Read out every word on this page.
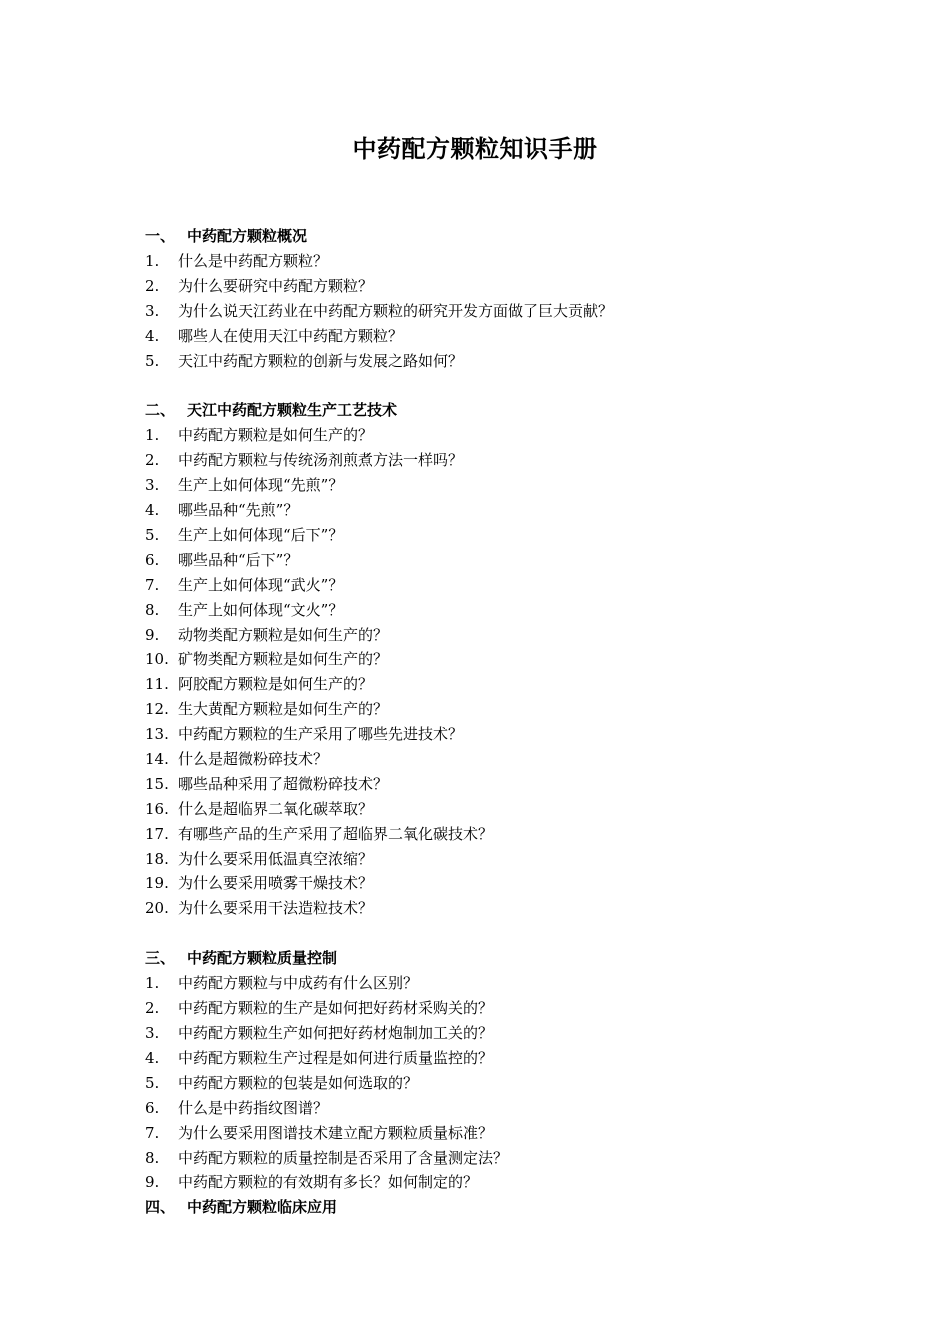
中药配方颗粒知识手册
一、 中药配方颗粒概况
1. 什么是中药配方颗粒？
2. 为什么要研究中药配方颗粒？
3. 为什么说天江药业在中药配方颗粒的研究开发方面做了巨大贡献？
4. 哪些人在使用天江中药配方颗粒？
5. 天江中药配方颗粒的创新与发展之路如何？
二、 天江中药配方颗粒生产工艺技术
1. 中药配方颗粒是如何生产的？
2. 中药配方颗粒与传统汤剂煎煮方法一样吗？
3. 生产上如何体现“先煎”？
4. 哪些品种“先煎”？
5. 生产上如何体现“后下”？
6. 哪些品种“后下”？
7. 生产上如何体现“武火”？
8. 生产上如何体现“文火”？
9. 动物类配方颗粒是如何生产的？
10. 矿物类配方颗粒是如何生产的？
11. 阿胶配方颗粒是如何生产的？
12. 生大黄配方颗粒是如何生产的？
13. 中药配方颗粒的生产采用了哪些先进技术？
14. 什么是超微粉碎技术？
15. 哪些品种采用了超微粉碎技术？
16. 什么是超临界二氧化碳萃取？
17. 有哪些产品的生产采用了超临界二氧化碳技术？
18. 为什么要采用低温真空浓缩？
19. 为什么要采用喷雾干燥技术？
20. 为什么要采用干法造粒技术？
三、 中药配方颗粒质量控制
1. 中药配方颗粒与中成药有什么区别？
2. 中药配方颗粒的生产是如何把好药材采购关的？
3. 中药配方颗粒生产如何把好药材炮制加工关的？
4. 中药配方颗粒生产过程是如何进行质量监控的？
5. 中药配方颗粒的包装是如何选取的？
6. 什么是中药指纹图谱？
7. 为什么要采用图谱技术建立配方颗粒质量标准？
8. 中药配方颗粒的质量控制是否采用了含量测定法？
9. 中药配方颗粒的有效期有多长？如何制定的？
四、 中药配方颗粒临床应用
